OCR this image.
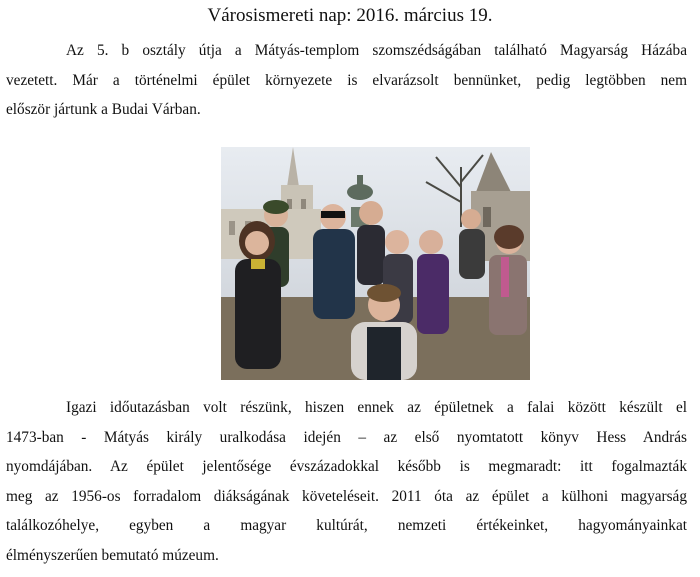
Városismereti nap: 2016. március 19.
Az 5. b osztály útja a Mátyás-templom szomszédságában található Magyarság Házába
vezetett. Már a történelmi épület környezete is elvarázsolt bennünket, pedig legtöbben nem
először jártunk a Budai Várban.
Igazi időutazásban volt részünk, hiszen ennek az épületnek a falai között készült el
1473-ban - Mátyás király uralkodása idején – az első nyomtatott könyv Hess András
nyomdájában. Az épület jelentősége évszázadokkal később is megmaradt: itt fogalmazták
meg az 1956-os forradalom diákságának követeléseit. 2011 óta az épület a külhoni magyarság
találkozóhelye, egyben a magyar kultúrát, nemzeti értékeinket, hagyományainkat
élményszerűen bemutató múzeum.
